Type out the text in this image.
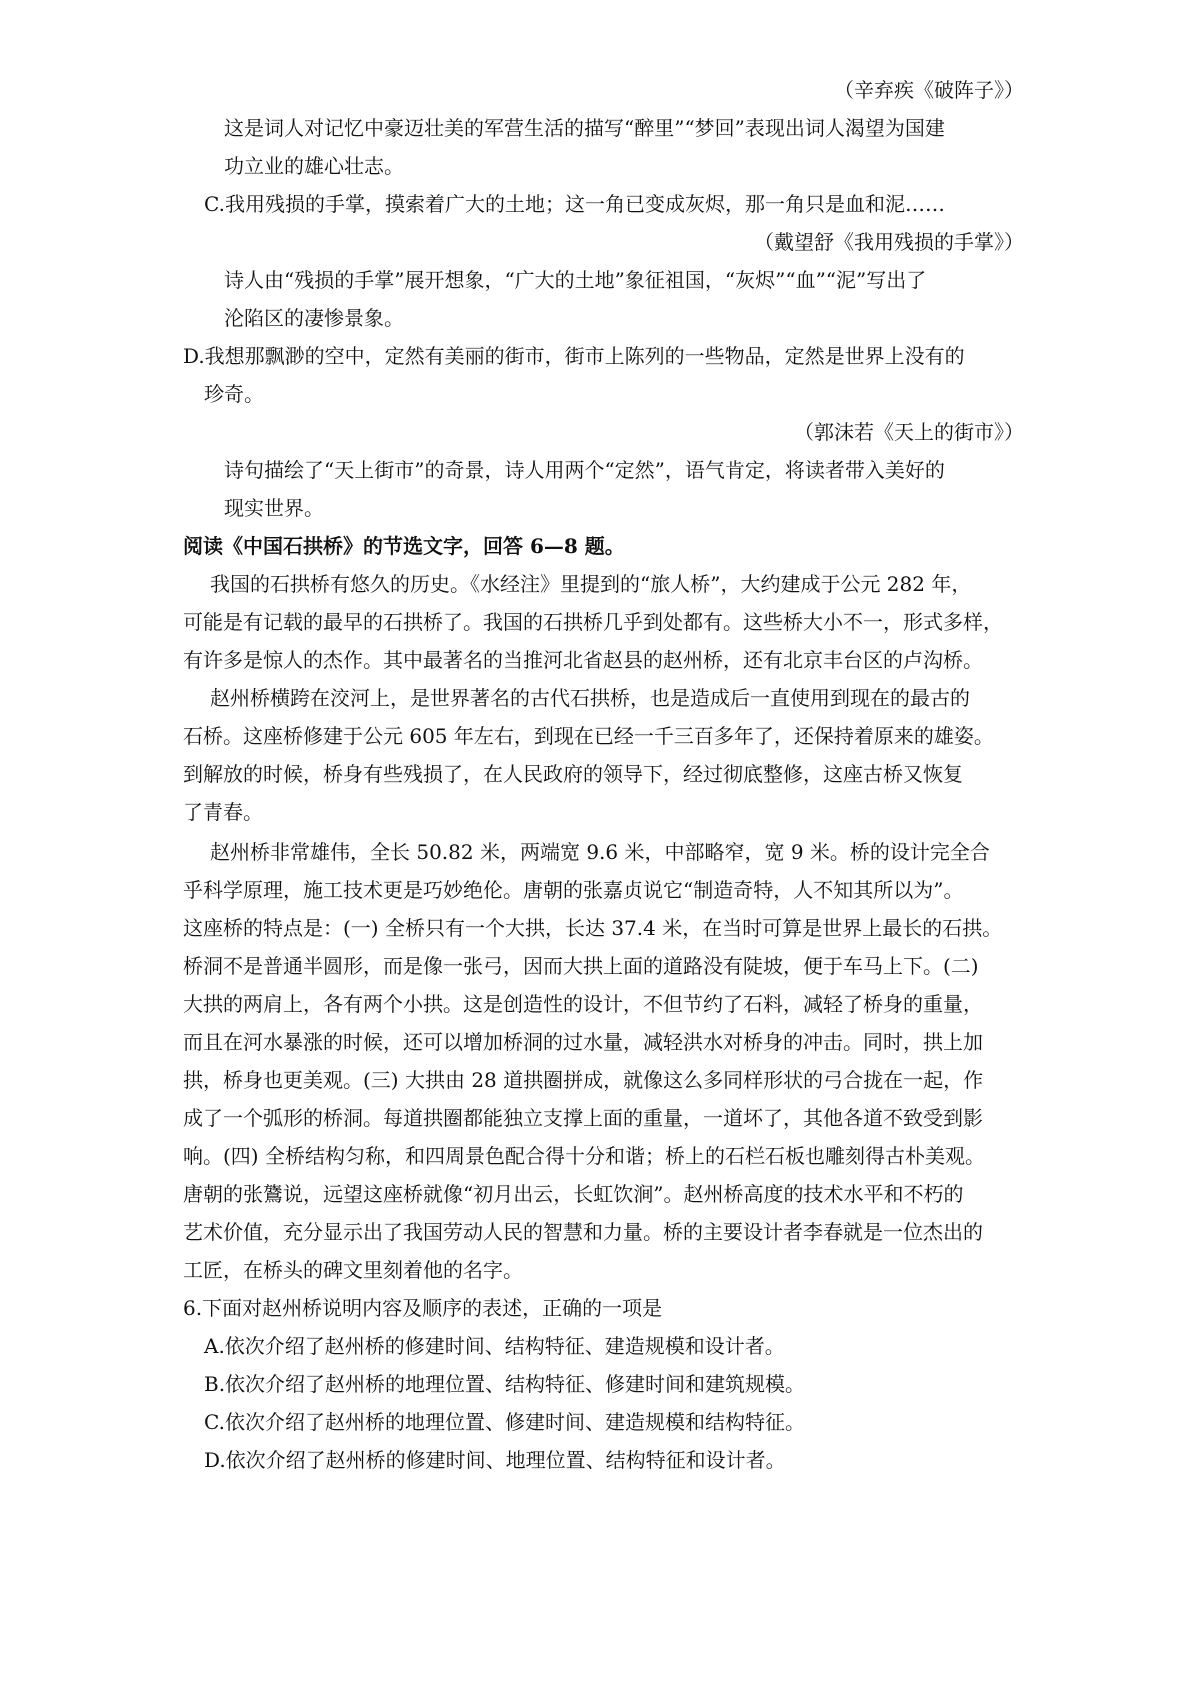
（辛弃疾《破阵子》）
这是词人对记忆中豪迈壮美的军营生活的描写“醉里”“梦回”表现出词人渴望为国建
功立业的雄心壮志。
C.我用残损的手掌，摸索着广大的土地；这一角已变成灰烬，那一角只是血和泥……
（戴望舒《我用残损的手掌》）
诗人由“残损的手掌”展开想象，“广大的土地”象征祖国，“灰烬”“血”“泥”写出了
沦陷区的凄惨景象。
D.我想那飘渺的空中，定然有美丽的街市，街市上陈列的一些物品，定然是世界上没有的
珍奇。
（郭沫若《天上的街市》）
诗句描绘了“天上街市”的奇景，诗人用两个“定然”，语气肯定，将读者带入美好的
现实世界。
阅读《中国石拱桥》的节选文字，回答 6—8 题。
我国的石拱桥有悠久的历史。《水经注》里提到的“旅人桥”，大约建成于公元 282 年，
可能是有记载的最早的石拱桥了。我国的石拱桥几乎到处都有。这些桥大小不一，形式多样，
有许多是惊人的杰作。其中最著名的当推河北省赵县的赵州桥，还有北京丰台区的卢沟桥。
赵州桥横跨在洨河上，是世界著名的古代石拱桥，也是造成后一直使用到现在的最古的
石桥。这座桥修建于公元 605 年左右，到现在已经一千三百多年了，还保持着原来的雄姿。
到解放的时候，桥身有些残损了，在人民政府的领导下，经过彻底整修，这座古桥又恢复
了青春。
赵州桥非常雄伟，全长 50.82 米，两端宽 9.6 米，中部略窄，宽 9 米。桥的设计完全合
乎科学原理，施工技术更是巧妙绝伦。唐朝的张嘉贞说它“制造奇特，人不知其所以为”。
这座桥的特点是：(一) 全桥只有一个大拱，长达 37.4 米，在当时可算是世界上最长的石拱。
桥洞不是普通半圆形，而是像一张弓，因而大拱上面的道路没有陡坡，便于车马上下。(二)
大拱的两肩上，各有两个小拱。这是创造性的设计，不但节约了石料，减轻了桥身的重量，
而且在河水暴涨的时候，还可以增加桥洞的过水量，减轻洪水对桥身的冲击。同时，拱上加
拱，桥身也更美观。(三) 大拱由 28 道拱圈拼成，就像这么多同样形状的弓合拢在一起，作
成了一个弧形的桥洞。每道拱圈都能独立支撑上面的重量，一道坏了，其他各道不致受到影
响。(四) 全桥结构匀称，和四周景色配合得十分和谐；桥上的石栏石板也雕刻得古朴美观。
唐朝的张鷟说，远望这座桥就像“初月出云，长虹饮涧”。赵州桥高度的技术水平和不朽的
艺术价值，充分显示出了我国劳动人民的智慧和力量。桥的主要设计者李春就是一位杰出的
工匠，在桥头的碑文里刻着他的名字。
6.下面对赵州桥说明内容及顺序的表述，正确的一项是
A.依次介绍了赵州桥的修建时间、结构特征、建造规模和设计者。
B.依次介绍了赵州桥的地理位置、结构特征、修建时间和建筑规模。
C.依次介绍了赵州桥的地理位置、修建时间、建造规模和结构特征。
D.依次介绍了赵州桥的修建时间、地理位置、结构特征和设计者。
